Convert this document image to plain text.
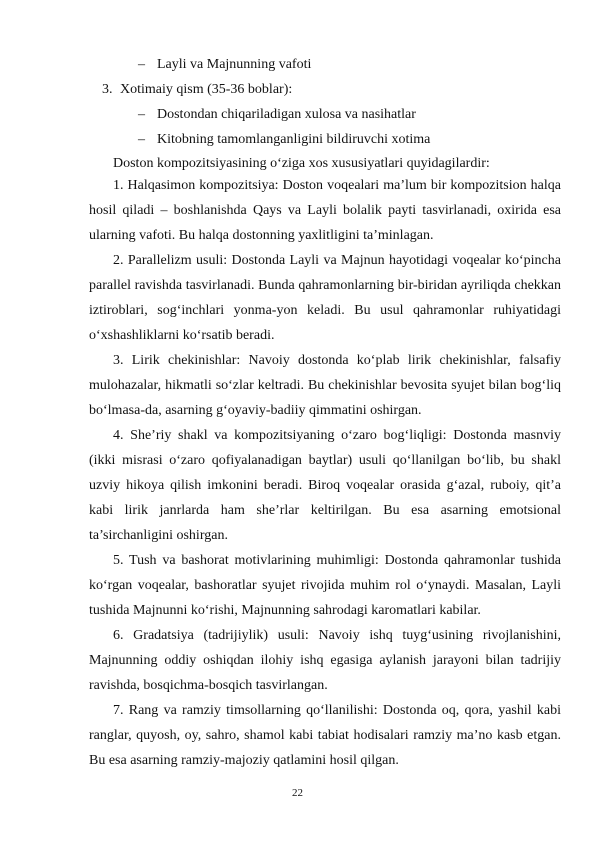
– Layli va Majnunning vafoti
3. Xotimaiy qism (35-36 boblar):
– Dostondan chiqariladigan xulosa va nasihatlar
– Kitobning tamomlanganligini bildiruvchi xotima
Doston kompozitsiyasining o‘ziga xos xususiyatlari quyidagilardir:

1. Halqasimon kompozitsiya: Doston voqealari ma’lum bir kompozitsion halqa hosil qiladi – boshlanishda Qays va Layli bolalik payti tasvirlanadi, oxirida esa ularning vafoti. Bu halqa dostonning yaxlitligini ta’minlagan.

2. Parallelizm usuli: Dostonda Layli va Majnun hayotidagi voqealar ko‘pincha parallel ravishda tasvirlanadi. Bunda qahramonlarning bir-biridan ayriliqda chekkan iztiroblari, sog‘inchlari yonma-yon keladi. Bu usul qahramonlar ruhiyatidagi o‘xshashliklarni ko‘rsatib beradi.

3. Lirik chekinishlar: Navoiy dostonda ko‘plab lirik chekinishlar, falsafiy mulohazalar, hikmatli so‘zlar keltradi. Bu chekinishlar bevosita syujet bilan bog‘liq bo‘lmasa-da, asarning g‘oyaviy-badiiy qimmatini oshirgan.

4. She’riy shakl va kompozitsiyaning o‘zaro bog‘liqligi: Dostonda masnviy (ikki misrasi o‘zaro qofiyalanadigan baytlar) usuli qo‘llanilgan bo‘lib, bu shakl uzviy hikoya qilish imkonini beradi. Biroq voqealar orasida g‘azal, ruboiy, qit’a kabi lirik janrlarda ham she’rlar keltirilgan. Bu esa asarning emotsional ta’sirchanligini oshirgan.

5. Tush va bashorat motivlarining muhimligi: Dostonda qahramonlar tushida ko‘rgan voqealar, bashoratlar syujet rivojida muhim rol o‘ynaydi. Masalan, Layli tushida Majnunni ko‘rishi, Majnunning sahrodagi karomatlari kabilar.

6. Gradatsiya (tadrijiylik) usuli: Navoiy ishq tuyg‘usining rivojlanishini, Majnunning oddiy oshiqdan ilohiy ishq egasiga aylanish jarayoni bilan tadrijiy ravishda, bosqichma-bosqich tasvirlangan.

7. Rang va ramziy timsollarning qo‘llanilishi: Dostonda oq, qora, yashil kabi ranglar, quyosh, oy, sahro, shamol kabi tabiat hodisalari ramziy ma’no kasb etgan. Bu esa asarning ramziy-majoziy qatlamini hosil qilgan.

22
